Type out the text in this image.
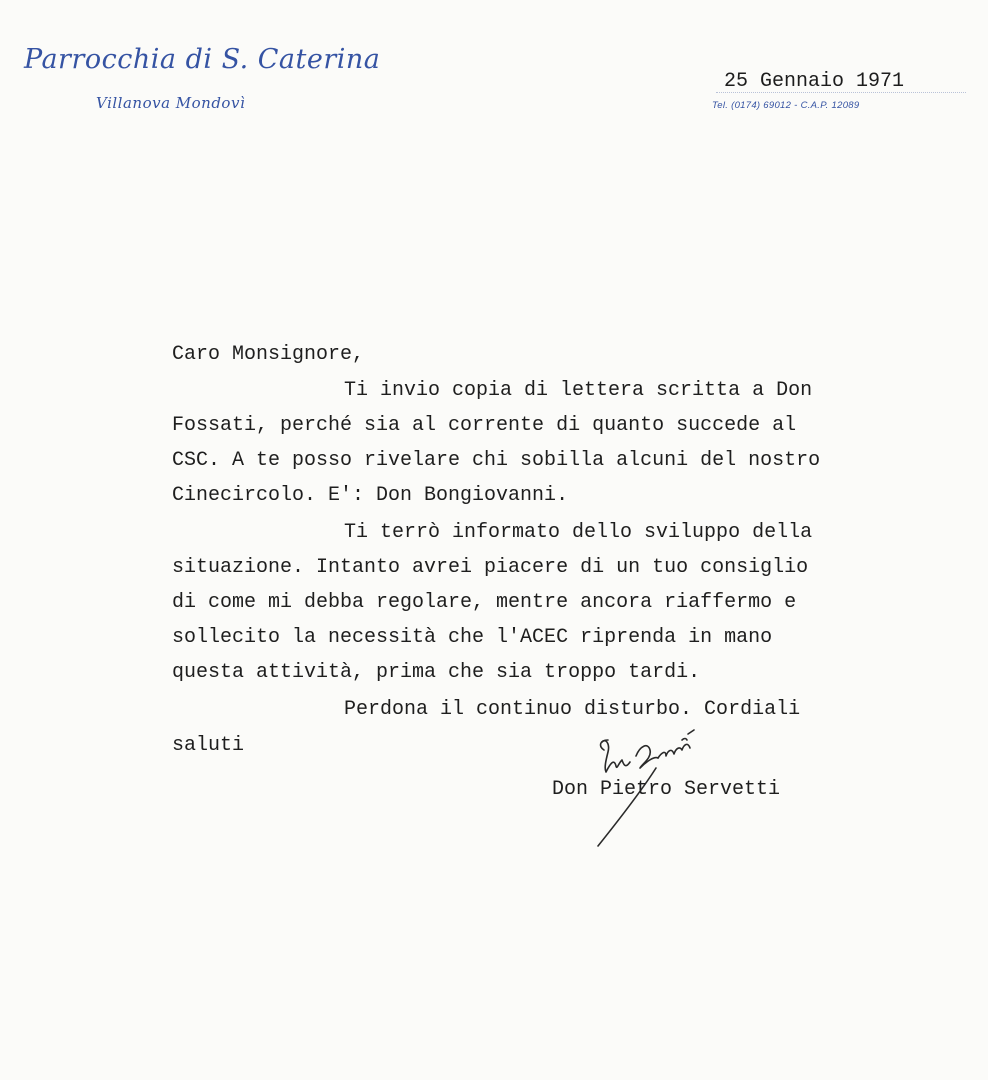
Parrocchia di S. Caterina
Villanova Mondovì
25 Gennaio 1971
Tel. (0174) 69012 - C.A.P. 12089
Caro Monsignore,
Ti invio copia di lettera scritta a Don
Fossati, perché sia al corrente di quanto succede al
CSC. A te posso rivelare chi sobilla alcuni del nostro
Cinecircolo. E': Don Bongiovanni.
Ti terrò informato dello sviluppo della
situazione. Intanto avrei piacere di un tuo consiglio
di come mi debba regolare, mentre ancora riaffermo e
sollecito la necessità che l'ACEC riprenda in mano
questa attività, prima che sia troppo tardi.
Perdona il continuo disturbo. Cordiali
saluti
Don Pietro Servetti
